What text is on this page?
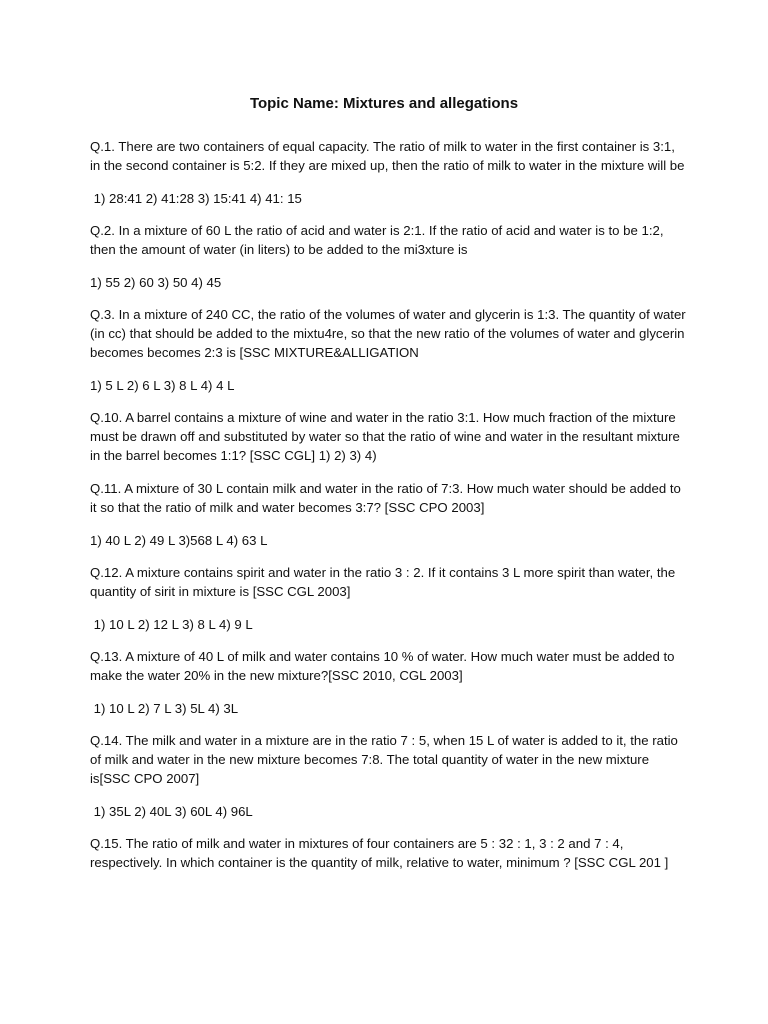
Topic Name: Mixtures and allegations
Q.1. There are two containers of equal capacity. The ratio of milk to water in the first container is 3:1, in the second container is 5:2. If they are mixed up, then the ratio of milk to water in the mixture will be
1) 28:41 2) 41:28 3) 15:41 4) 41: 15
Q.2. In a mixture of 60 L the ratio of acid and water is 2:1. If the ratio of acid and water is to be 1:2, then the amount of water (in liters) to be added to the mi3xture is
1) 55 2) 60 3) 50 4) 45
Q.3. In a mixture of 240 CC, the ratio of the volumes of water and glycerin is 1:3. The quantity of water (in cc) that should be added to the mixtu4re, so that the new ratio of the volumes of water and glycerin becomes becomes 2:3 is [SSC MIXTURE&ALLIGATION
1) 5 L 2) 6 L 3) 8 L 4) 4 L
Q.10. A barrel contains a mixture of wine and water in the ratio 3:1. How much fraction of the mixture must be drawn off and substituted by water so that the ratio of wine and water in the resultant mixture in the barrel becomes 1:1? [SSC CGL] 1) 2) 3) 4)
Q.11. A mixture of 30 L contain milk and water in the ratio of 7:3. How much water should be added to it so that the ratio of milk and water becomes 3:7? [SSC CPO 2003]
1) 40 L 2) 49 L 3)568 L 4) 63 L
Q.12. A mixture contains spirit and water in the ratio 3 : 2. If it contains 3 L more spirit than water, the quantity of sirit in mixture is [SSC CGL 2003]
1) 10 L 2) 12 L 3) 8 L 4) 9 L
Q.13. A mixture of 40 L of milk and water contains 10 % of water. How much water must be added to make the water 20% in the new mixture?[SSC 2010, CGL 2003]
1) 10 L 2) 7 L 3) 5L 4) 3L
Q.14. The milk and water in a mixture are in the ratio 7 : 5, when 15 L of water is added to it, the ratio of milk and water in the new mixture becomes 7:8. The total quantity of water in the new mixture is[SSC CPO 2007]
1) 35L 2) 40L 3) 60L 4) 96L
Q.15. The ratio of milk and water in mixtures of four containers are 5 : 32 : 1, 3 : 2 and 7 : 4, respectively. In which container is the quantity of milk, relative to water, minimum ? [SSC CGL 201 ]
